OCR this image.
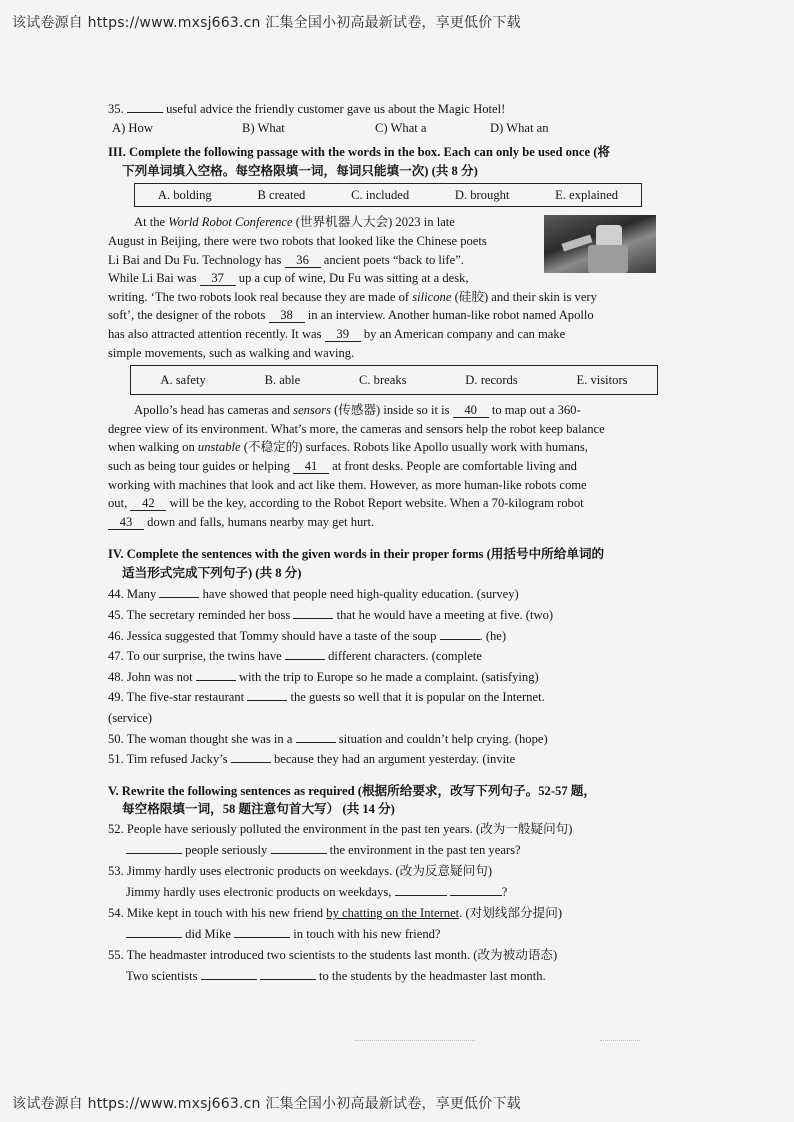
该试卷源自 https://www.mxsj663.cn 汇集全国小初高最新试卷，享更低价下载
35.	useful advice the friendly customer gave us about the Magic Hotel!
A) How	B) What	C) What a	D) What an
III. Complete the following passage with the words in the box. Each can only be used once (将
下列单词填入空格。每空格限填一词，每词只能填一次) (共 8 分)
A. bolding	B created	C. included	D. brought	E. explained
At the World Robot Conference (世界机器人大会) 2023 in late
August in Beijing, there were two robots that looked like the Chinese poets
Li Bai and Du Fu. Technology has 36 ancient poets “back to life”.
While Li Bai was 37 up a cup of wine, Du Fu was sitting at a desk,
writing. ‘The two robots look real because they are made of silicone (硅胶) and their skin is very
soft’, the designer of the robots 38 in an interview. Another human-like robot named Apollo
has also attracted attention recently. It was 39 by an American company and can make
simple movements, such as walking and waving.
A. safety	B. able	C. breaks	D. records	E. visitors
Apollo’s head has cameras and sensors (传感器) inside so it is 40 to map out a 360-
degree view of its environment. What’s more, the cameras and sensors help the robot keep balance
when walking on unstable (不稳定的) surfaces. Robots like Apollo usually work with humans,
such as being tour guides or helping 41 at front desks. People are comfortable living and
working with machines that look and act like them. However, as more human-like robots come
out, 42 will be the key, according to the Robot Report website. When a 70-kilogram robot
43 down and falls, humans nearby may get hurt.
IV. Complete the sentences with the given words in their proper forms (用括号中所给单词的
适当形式完成下列句子) (共 8 分)
44. Many	have showed that people need high-quality education. (survey)
45. The secretary reminded her boss	that he would have a meeting at five. (two)
46. Jessica suggested that Tommy should have a taste of the soup	. (he)
47. To our surprise, the twins have	different characters. (complete
48. John was not	with the trip to Europe so he made a complaint. (satisfying)
49. The five-star restaurant	the guests so well that it is popular on the Internet.
(service)
50. The woman thought she was in a	situation and couldn’t help crying. (hope)
51. Tim refused Jacky’s	because they had an argument yesterday. (invite
V. Rewrite the following sentences as required (根据所给要求，改写下列句子。52-57 题，
每空格限填一词，58 题注意句首大写） (共 14 分)
52. People have seriously polluted the environment in the past ten years. (改为一般疑问句)
people seriously	the environment in the past ten years?
53. Jimmy hardly uses electronic products on weekdays. (改为反意疑问句)
Jimmy hardly uses electronic products on weekdays,	?
54. Mike kept in touch with his new friend by chatting on the Internet. (对划线部分提问)
did Mike	in touch with his new friend?
55. The headmaster introduced two scientists to the students last month. (改为被动语态)
Two scientists	to the students by the headmaster last month.
该试卷源自 https://www.mxsj663.cn 汇集全国小初高最新试卷，享更低价下载
